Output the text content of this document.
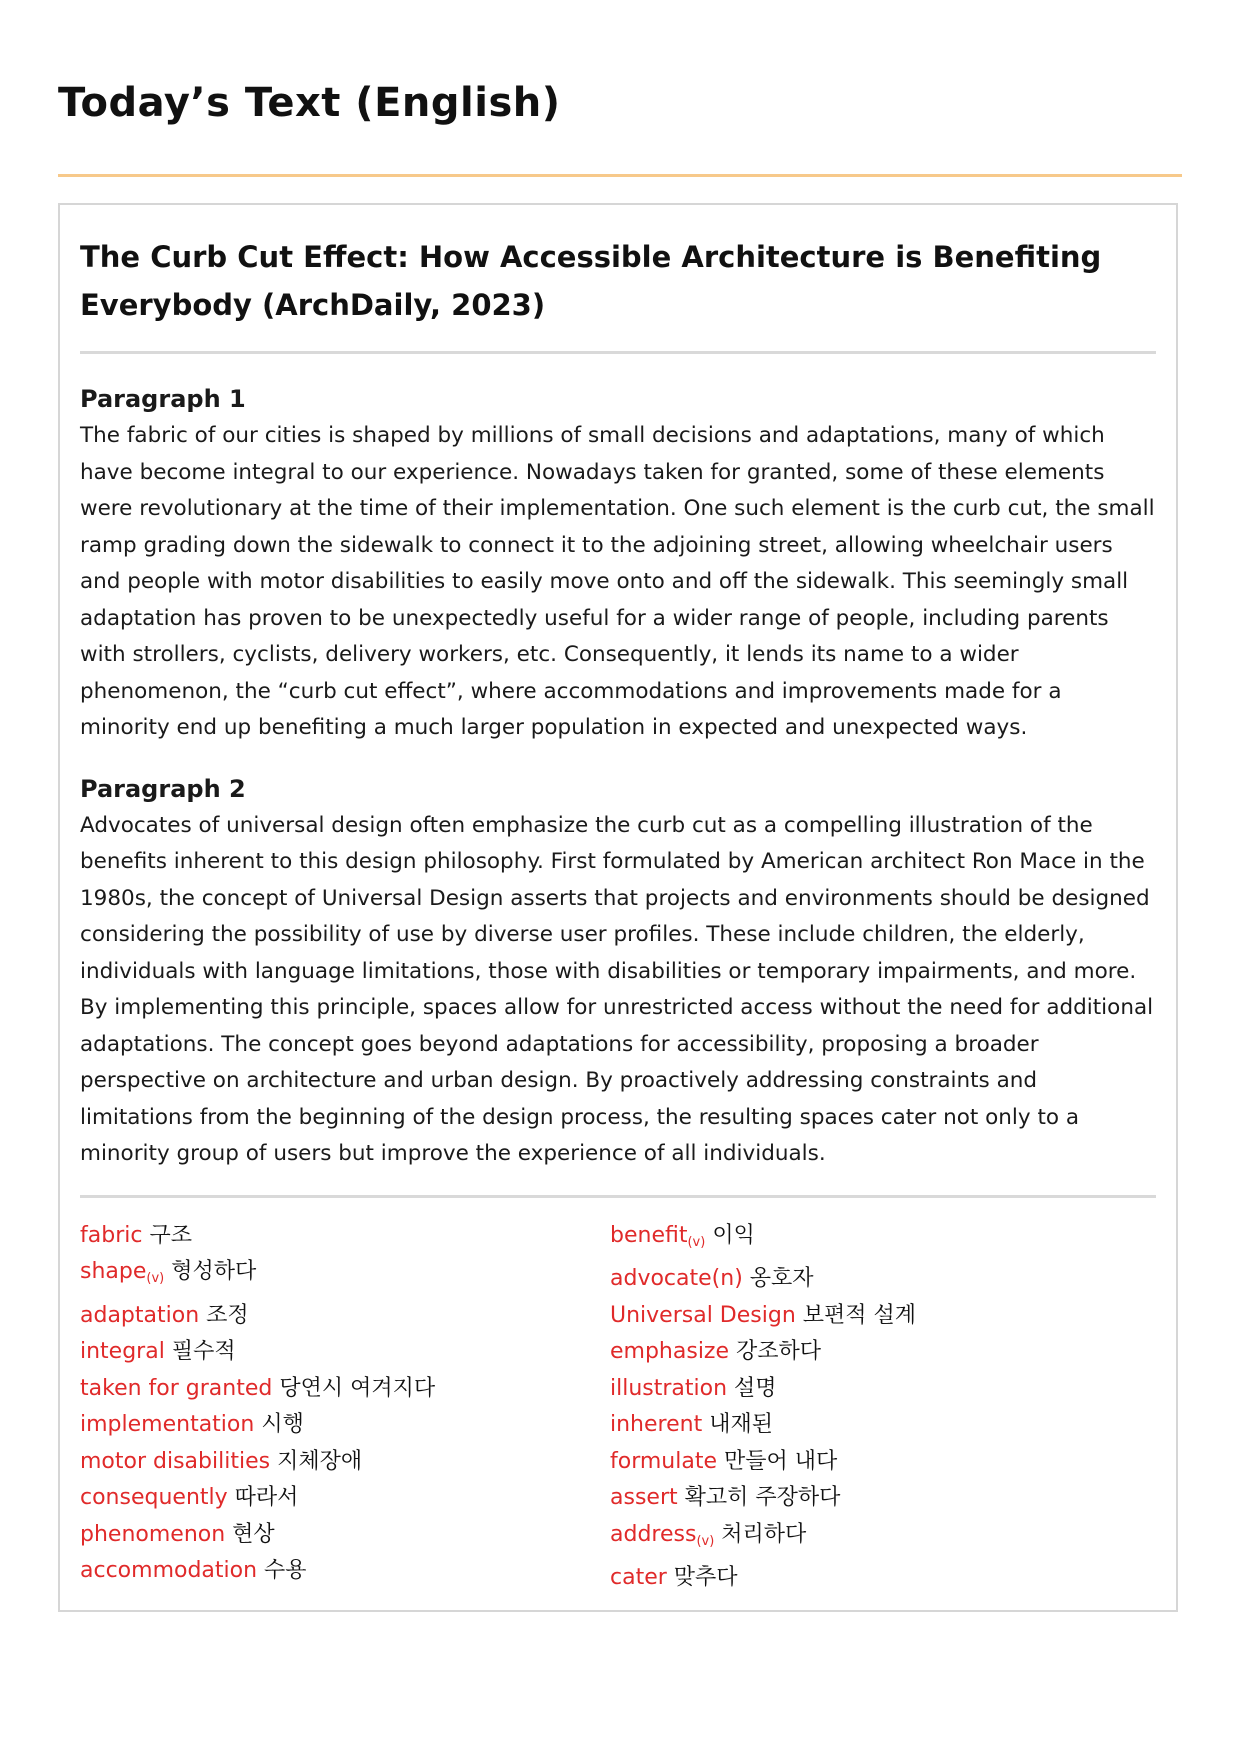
Today’s Text (English)
The Curb Cut Effect: How Accessible Architecture is Benefiting Everybody (ArchDaily, 2023)
Paragraph 1

The fabric of our cities is shaped by millions of small decisions and adaptations, many of which have become integral to our experience. Nowadays taken for granted, some of these elements were revolutionary at the time of their implementation. One such element is the curb cut, the small ramp grading down the sidewalk to connect it to the adjoining street, allowing wheelchair users and people with motor disabilities to easily move onto and off the sidewalk. This seemingly small adaptation has proven to be unexpectedly useful for a wider range of people, including parents with strollers, cyclists, delivery workers, etc. Consequently, it lends its name to a wider phenomenon, the “curb cut effect”, where accommodations and improvements made for a minority end up benefiting a much larger population in expected and unexpected ways.

Paragraph 2

Advocates of universal design often emphasize the curb cut as a compelling illustration of the benefits inherent to this design philosophy. First formulated by American architect Ron Mace in the 1980s, the concept of Universal Design asserts that projects and environments should be designed considering the possibility of use by diverse user profiles. These include children, the elderly, individuals with language limitations, those with disabilities or temporary impairments, and more. By implementing this principle, spaces allow for unrestricted access without the need for additional adaptations. The concept goes beyond adaptations for accessibility, proposing a broader perspective on architecture and urban design. By proactively addressing constraints and limitations from the beginning of the design process, the resulting spaces cater not only to a minority group of users but improve the experience of all individuals.

fabric 구조
shape$_{(v)}$ 형성하다
adaptation 조정
integral 필수적
taken for granted 당연시 여겨지다
implementation 시행
motor disabilities 지체장애
consequently 따라서
phenomenon 현상
accommodation 수용
benefit$_{(v)}$ 이익
advocate(n) 옹호자
Universal Design 보편적 설계
emphasize 강조하다
illustration 설명
inherent 내재된
formulate 만들어 내다
assert 확고히 주장하다
address$_{(v)}$ 처리하다
cater 맞추다
